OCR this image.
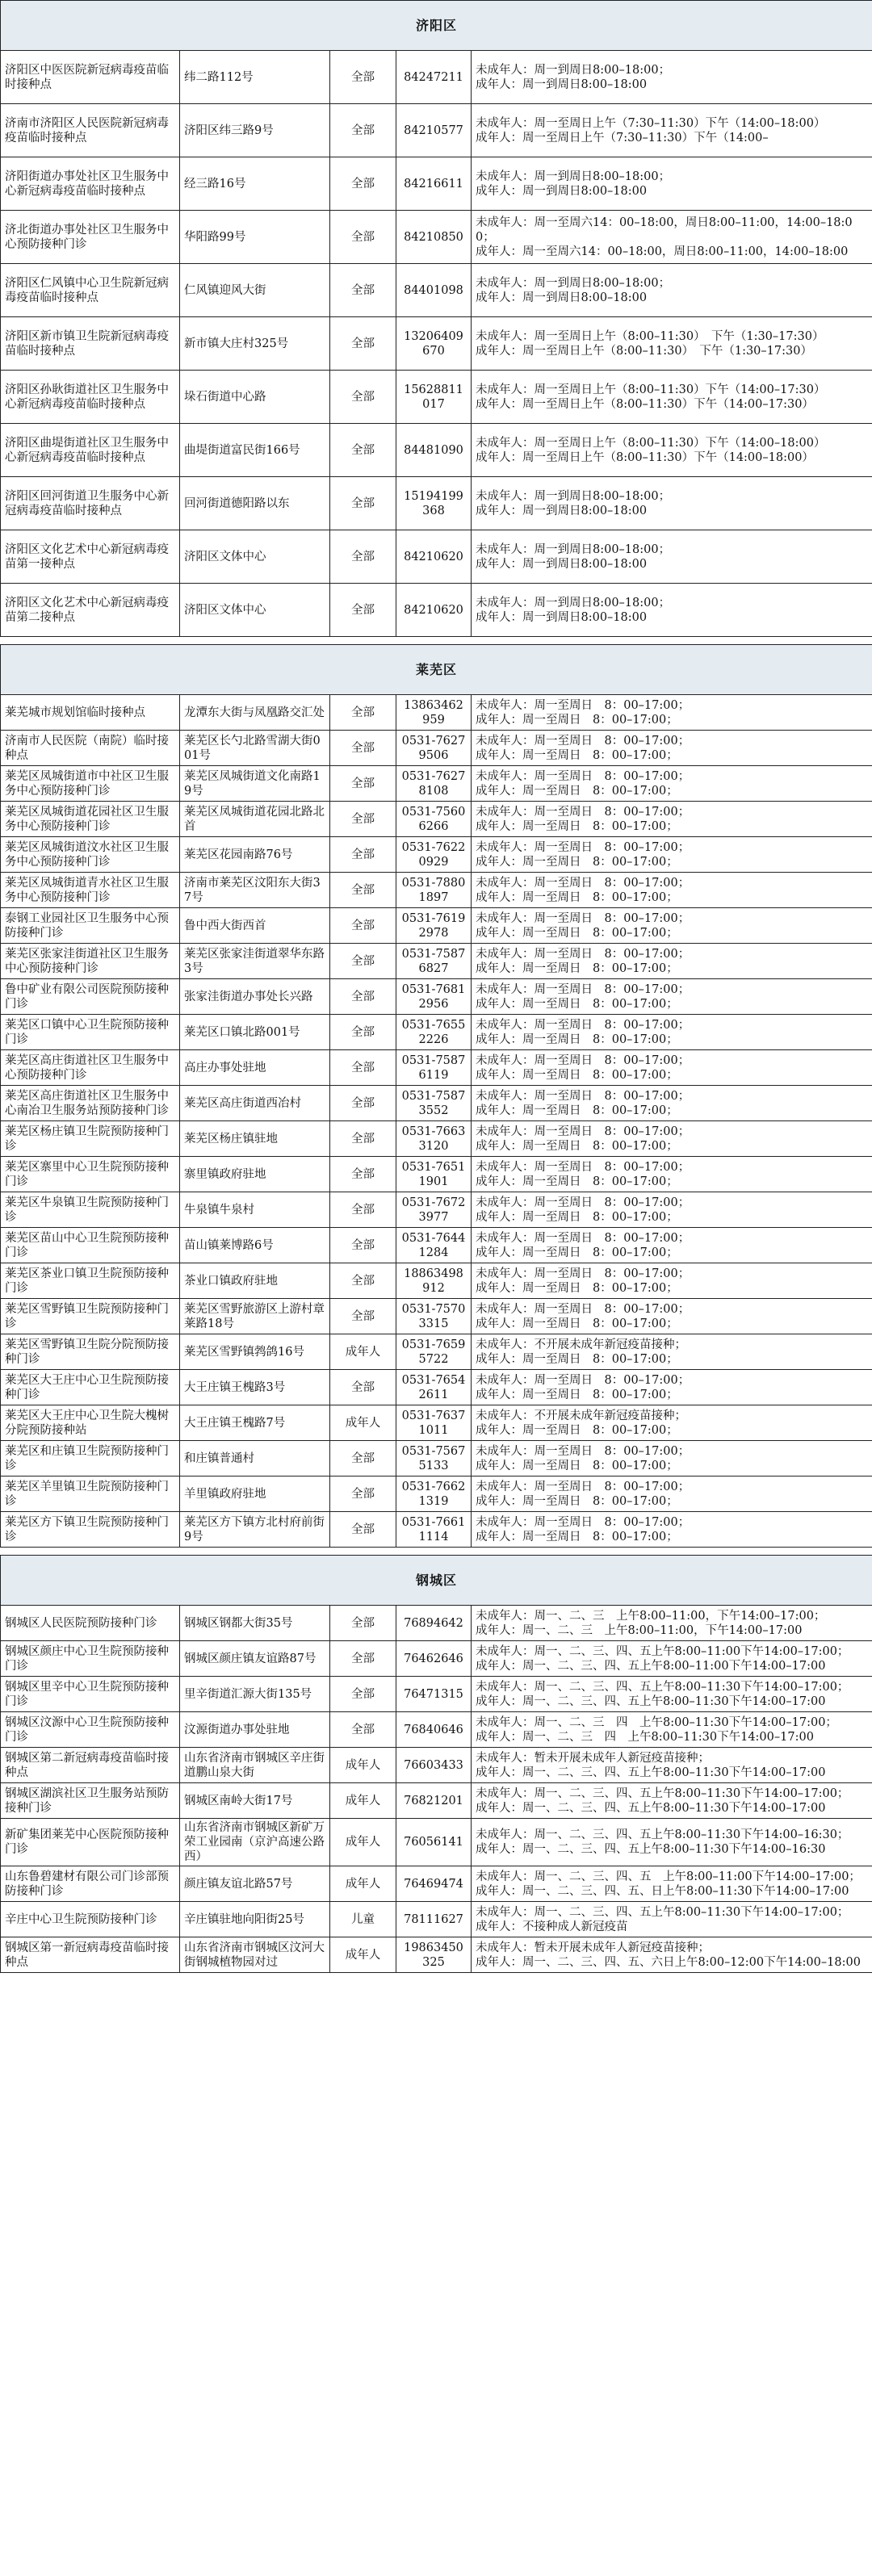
济阳区				
济阳区中医医院新冠病毒疫苗临时接种点	纬二路112号	全部	84247211	未成年人：周一到周日8:00–18:00；
成年人：周一到周日8:00–18:00
济南市济阳区人民医院新冠病毒疫苗临时接种点	济阳区纬三路9号	全部	84210577	未成年人：周一至周日上午（7:30–11:30）下午（14:00–18:00）
成年人：周一至周日上午（7:30–11:30）下午（14:00–
济阳街道办事处社区卫生服务中心新冠病毒疫苗临时接种点	经三路16号	全部	84216611	未成年人：周一到周日8:00–18:00；
成年人：周一到周日8:00–18:00
济北街道办事处社区卫生服务中心预防接种门诊	华阳路99号	全部	84210850	未成年人：周一至周六14：00–18:00，周日8:00–11:00，14:00–18:00；
成年人：周一至周六14：00–18:00，周日8:00–11:00，14:00–18:00
济阳区仁风镇中心卫生院新冠病毒疫苗临时接种点	仁风镇迎风大街	全部	84401098	未成年人：周一到周日8:00–18:00；
成年人：周一到周日8:00–18:00
济阳区新市镇卫生院新冠病毒疫苗临时接种点	新市镇大庄村325号	全部	13206409670	未成年人：周一至周日上午（8:00–11:30）　下午（1:30–17:30）
成年人：周一至周日上午（8:00–11:30）　下午（1:30–17:30）
济阳区孙耿街道社区卫生服务中心新冠病毒疫苗临时接种点	垛石街道中心路	全部	15628811017	未成年人：周一至周日上午（8:00–11:30）下午（14:00–17:30）
成年人：周一至周日上午（8:00–11:30）下午（14:00–17:30）
济阳区曲堤街道社区卫生服务中心新冠病毒疫苗临时接种点	曲堤街道富民街166号	全部	84481090	未成年人：周一至周日上午（8:00–11:30）下午（14:00–18:00）
成年人：周一至周日上午（8:00–11:30）下午（14:00–18:00）
济阳区回河街道卫生服务中心新冠病毒疫苗临时接种点	回河街道德阳路以东	全部	15194199368	未成年人：周一到周日8:00–18:00；
成年人：周一到周日8:00–18:00
济阳区文化艺术中心新冠病毒疫苗第一接种点	济阳区文体中心	全部	84210620	未成年人：周一到周日8:00–18:00；
成年人：周一到周日8:00–18:00
济阳区文化艺术中心新冠病毒疫苗第二接种点	济阳区文体中心	全部	84210620	未成年人：周一到周日8:00–18:00；
成年人：周一到周日8:00–18:00

莱芜区				
莱芜城市规划馆临时接种点	龙潭东大街与凤凰路交汇处	全部	13863462959	未成年人：周一至周日　8：00–17:00；
成年人：周一至周日　8：00–17:00；
济南市人民医院（南院）临时接种点	莱芜区长勺北路雪湖大街001号	全部	0531-76279506	未成年人：周一至周日　8：00–17:00；
成年人：周一至周日　8：00–17:00；
莱芜区凤城街道市中社区卫生服务中心预防接种门诊	莱芜区凤城街道文化南路19号	全部	0531-76278108	未成年人：周一至周日　8：00–17:00；
成年人：周一至周日　8：00–17:00；
莱芜区凤城街道花园社区卫生服务中心预防接种门诊	莱芜区凤城街道花园北路北首	全部	0531-75606266	未成年人：周一至周日　8：00–17:00；
成年人：周一至周日　8：00–17:00；
莱芜区凤城街道汶水社区卫生服务中心预防接种门诊	莱芜区花园南路76号	全部	0531-76220929	未成年人：周一至周日　8：00–17:00；
成年人：周一至周日　8：00–17:00；
莱芜区凤城街道青水社区卫生服务中心预防接种门诊	济南市莱芜区汶阳东大街37号	全部	0531-78801897	未成年人：周一至周日　8：00–17:00；
成年人：周一至周日　8：00–17:00；
泰钢工业园社区卫生服务中心预防接种门诊	鲁中西大街西首	全部	0531-76192978	未成年人：周一至周日　8：00–17:00；
成年人：周一至周日　8：00–17:00；
莱芜区张家洼街道社区卫生服务中心预防接种门诊	莱芜区张家洼街道翠华东路3号	全部	0531-75876827	未成年人：周一至周日　8：00–17:00；
成年人：周一至周日　8：00–17:00；
鲁中矿业有限公司医院预防接种门诊	张家洼街道办事处长兴路	全部	0531-76812956	未成年人：周一至周日　8：00–17:00；
成年人：周一至周日　8：00–17:00；
莱芜区口镇中心卫生院预防接种门诊	莱芜区口镇北路001号	全部	0531-76552226	未成年人：周一至周日　8：00–17:00；
成年人：周一至周日　8：00–17:00；
莱芜区高庄街道社区卫生服务中心预防接种门诊	高庄办事处驻地	全部	0531-75876119	未成年人：周一至周日　8：00–17:00；
成年人：周一至周日　8：00–17:00；
莱芜区高庄街道社区卫生服务中心南冶卫生服务站预防接种门诊	莱芜区高庄街道西冶村	全部	0531-75873552	未成年人：周一至周日　8：00–17:00；
成年人：周一至周日　8：00–17:00；
莱芜区杨庄镇卫生院预防接种门诊	莱芜区杨庄镇驻地	全部	0531-76633120	未成年人：周一至周日　8：00–17:00；
成年人：周一至周日　8：00–17:00；
莱芜区寨里中心卫生院预防接种门诊	寨里镇政府驻地	全部	0531-76511901	未成年人：周一至周日　8：00–17:00；
成年人：周一至周日　8：00–17:00；
莱芜区牛泉镇卫生院预防接种门诊	牛泉镇牛泉村	全部	0531-76723977	未成年人：周一至周日　8：00–17:00；
成年人：周一至周日　8：00–17:00；
莱芜区苗山中心卫生院预防接种门诊	苗山镇莱博路6号	全部	0531-76441284	未成年人：周一至周日　8：00–17:00；
成年人：周一至周日　8：00–17:00；
莱芜区茶业口镇卫生院预防接种门诊	茶业口镇政府驻地	全部	18863498912	未成年人：周一至周日　8：00–17:00；
成年人：周一至周日　8：00–17:00；
莱芜区雪野镇卫生院预防接种门诊	莱芜区雪野旅游区上游村章莱路18号	全部	0531-75703315	未成年人：周一至周日　8：00–17:00；
成年人：周一至周日　8：00–17:00；
莱芜区雪野镇卫生院分院预防接种门诊	莱芜区雪野镇鹁鸽16号	成年人	0531-76595722	未成年人：不开展未成年新冠疫苗接种；
成年人：周一至周日　8：00–17:00；
莱芜区大王庄中心卫生院预防接种门诊	大王庄镇王槐路3号	全部	0531-76542611	未成年人：周一至周日　8：00–17:00；
成年人：周一至周日　8：00–17:00；
莱芜区大王庄中心卫生院大槐树分院预防接种站	大王庄镇王槐路7号	成年人	0531-76371011	未成年人：不开展未成年新冠疫苗接种；
成年人：周一至周日　8：00–17:00；
莱芜区和庄镇卫生院预防接种门诊	和庄镇普通村	全部	0531-75675133	未成年人：周一至周日　8：00–17:00；
成年人：周一至周日　8：00–17:00；
莱芜区羊里镇卫生院预防接种门诊	羊里镇政府驻地	全部	0531-76621319	未成年人：周一至周日　8：00–17:00；
成年人：周一至周日　8：00–17:00；
莱芜区方下镇卫生院预防接种门诊	莱芜区方下镇方北村府前街9号	全部	0531-76611114	未成年人：周一至周日　8：00–17:00；
成年人：周一至周日　8：00–17:00；

钢城区				
钢城区人民医院预防接种门诊	钢城区钢都大街35号	全部	76894642	未成年人：周一、二、三　上午8:00–11:00，下午14:00–17:00；
成年人：周一、二、三　上午8:00–11:00，下午14:00–17:00
钢城区颜庄中心卫生院预防接种门诊	钢城区颜庄镇友谊路87号	全部	76462646	未成年人：周一、二、三、四、五上午8:00–11:00下午14:00–17:00；
成年人：周一、二、三、四、五上午8:00–11:00下午14:00–17:00
钢城区里辛中心卫生院预防接种门诊	里辛街道汇源大街135号	全部	76471315	未成年人：周一、二、三、四、五上午8:00–11:30下午14:00–17:00；
成年人：周一、二、三、四、五上午8:00–11:30下午14:00–17:00
钢城区汶源中心卫生院预防接种门诊	汶源街道办事处驻地	全部	76840646	未成年人：周一、二、三　四　上午8:00–11:30下午14:00–17:00；
成年人：周一、二、三　四　上午8:00–11:30下午14:00–17:00
钢城区第二新冠病毒疫苗临时接种点	山东省济南市钢城区辛庄街道鹏山泉大街	成年人	76603433	未成年人：暂未开展未成年人新冠疫苗接种；
成年人：周一、二、三、四、五上午8:00–11:30下午14:00–17:00
钢城区湖滨社区卫生服务站预防接种门诊	钢城区南岭大街17号	成年人	76821201	未成年人：周一、二、三、四、五上午8:00–11:30下午14:00–17:00；
成年人：周一、二、三、四、五上午8:00–11:30下午14:00–17:00
新矿集团莱芜中心医院预防接种门诊	山东省济南市钢城区新矿万荣工业园南（京沪高速公路西）	成年人	76056141	未成年人：周一、二、三、四、五上午8:00–11:30下午14:00–16:30；
成年人：周一、二、三、四、五上午8:00–11:30下午14:00–16:30
山东鲁碧建材有限公司门诊部预防接种门诊	颜庄镇友谊北路57号	成年人	76469474	未成年人：周一、二、三、四、五　上午8:00–11:00下午14:00–17:00；
成年人：周一、二、三、四、五、日上午8:00–11:30下午14:00–17:00
辛庄中心卫生院预防接种门诊	辛庄镇驻地向阳街25号	儿童	78111627	未成年人：周一、二、三、四、五上午8:00–11:30下午14:00–17:00；
成年人：不接种成人新冠疫苗
钢城区第一新冠病毒疫苗临时接种点	山东省济南市钢城区汶河大街钢城植物园对过	成年人	19863450325	未成年人：暂未开展未成年人新冠疫苗接种；
成年人：周一、二、三、四、五、六日上午8:00–12:00下午14:00–18:00
